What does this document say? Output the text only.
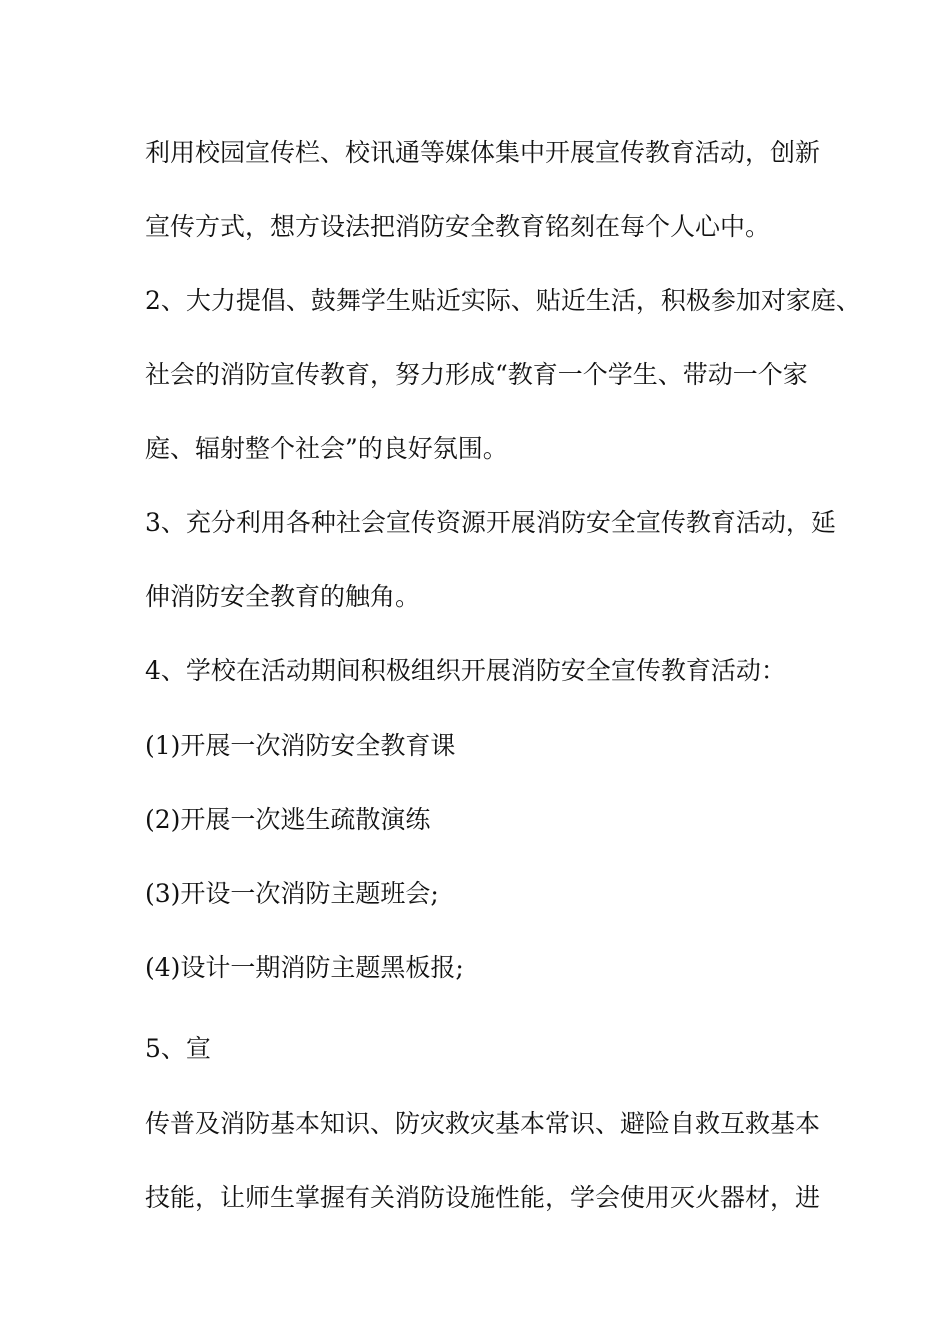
利用校园宣传栏、校讯通等媒体集中开展宣传教育活动，创新
宣传方式，想方设法把消防安全教育铭刻在每个人心中。
2、大力提倡、鼓舞学生贴近实际、贴近生活，积极参加对家庭、
社会的消防宣传教育，努力形成“教育一个学生、带动一个家
庭、辐射整个社会”的良好氛围。
3、充分利用各种社会宣传资源开展消防安全宣传教育活动，延
伸消防安全教育的触角。
4、学校在活动期间积极组织开展消防安全宣传教育活动：
(1)开展一次消防安全教育课
(2)开展一次逃生疏散演练
(3)开设一次消防主题班会;
(4)设计一期消防主题黑板报;
5、宣
传普及消防基本知识、防灾救灾基本常识、避险自救互救基本
技能，让师生掌握有关消防设施性能，学会使用灭火器材，进
